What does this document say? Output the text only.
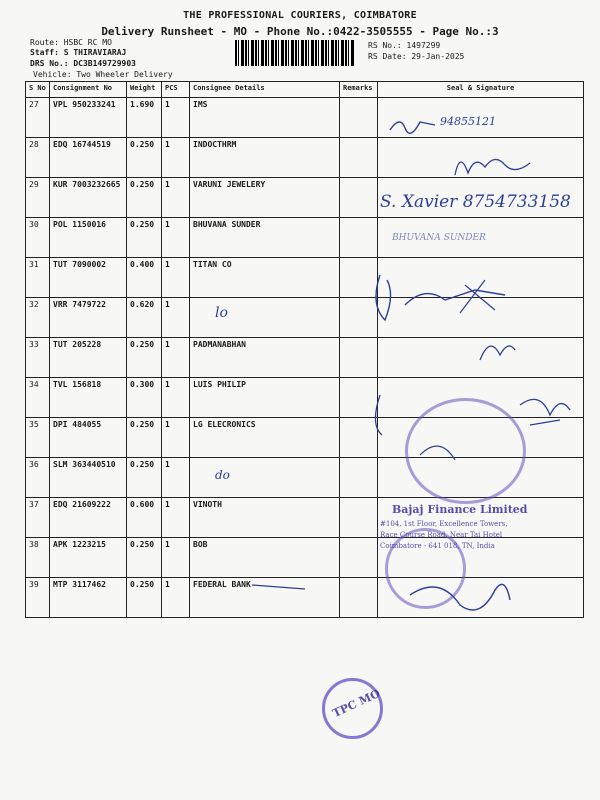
THE PROFESSIONAL COURIERS, COIMBATORE
Delivery Runsheet - MO - Phone No.:0422-3505555 - Page No.:3
Route: HSBC RC MO
Staff: S THIRAVIARAJ
DRS No.: DC3B149729903
Vehicle: Two Wheeler Delivery
RS No.: 1497299
RS Date: 29-Jan-2025
S No	Consignment No	Weight	PCS	Consignee Details	Remarks	Seal & Signature
27	VPL 950233241	1.690	1	IMS		
28	EDQ 16744519	0.250	1	INDOCTHRM		
29	KUR 7003232665	0.250	1	VARUNI JEWELERY		
30	POL 1150016	0.250	1	BHUVANA SUNDER		
31	TUT 7090002	0.400	1	TITAN CO		
32	VRR 7479722	0.620	1			
33	TUT 205228	0.250	1	PADMANABHAN		
34	TVL 156818	0.300	1	LUIS PHILIP		
35	DPI 484055	0.250	1	LG ELECRONICS		
36	SLM 363440510	0.250	1			
37	EDQ 21609222	0.600	1	VINOTH		
38	APK 1223215	0.250	1	BOB		
39	MTP 3117462	0.250	1	FEDERAL BANK		
94855121
S. Xavier 8754733158
BHUVANA SUNDER
lo
do
Bajaj Finance Limited
#104, 1st Floor, Excellence Towers,
Race Course Road, Near Tai Hotel
Coimbatore - 641 018, TN, India
TPC MO
